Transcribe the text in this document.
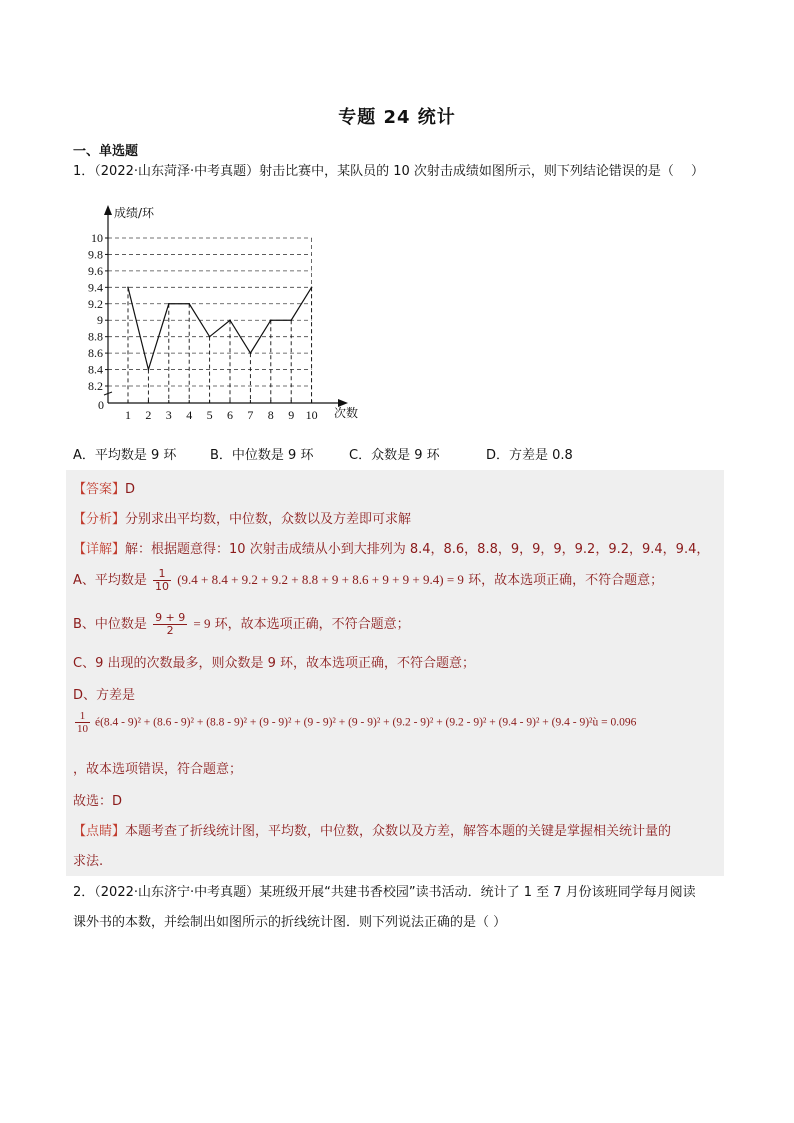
专题 24 统计
一、单选题
1．（2022·山东菏泽·中考真题）射击比赛中，某队员的 10 次射击成绩如图所示，则下列结论错误的是（　 ）
8.2
8.4
8.6
8.8
9
9.2
9.4
9.6
9.8
10
成绩/环
次数
0
1 2 3 4 5 6 7 8 9 10
A．平均数是 9 环	B．中位数是 9 环	C．众数是 9 环	D．方差是 0.8
【答案】D
【分析】分别求出平均数，中位数，众数以及方差即可求解
【详解】解：根据题意得：10 次射击成绩从小到大排列为 8.4，8.6，8.8，9，9，9，9.2，9.2，9.4，9.4，
A、平均数是 $\frac{1}{10} (9.4 + 8.4 + 9.2 + 9.2 + 8.8 + 9 + 8.6 + 9 + 9 + 9.4) = 9$ 环，故本选项正确，不符合题意；
B、中位数是 $\frac{9 + 9}{2} = 9$ 环，故本选项正确，不符合题意；
C、9 出现的次数最多，则众数是 9 环，故本选项正确，不符合题意；
D、方差是
$\frac{1}{10}$ é(8.4 - 9)² + (8.6 - 9)² + (8.8 - 9)² + (9 - 9)² + (9 - 9)² + (9 - 9)² + (9.2 - 9)² + (9.2 - 9)² + (9.4 - 9)² + (9.4 - 9)²ù = 0.096
，故本选项错误，符合题意；
故选：D
【点睛】本题考查了折线统计图，平均数，中位数，众数以及方差，解答本题的关键是掌握相关统计量的
求法.
2．（2022·山东济宁·中考真题）某班级开展“共建书香校园”读书活动．统计了 1 至 7 月份该班同学每月阅读
课外书的本数，并绘制出如图所示的折线统计图．则下列说法正确的是（ ）
